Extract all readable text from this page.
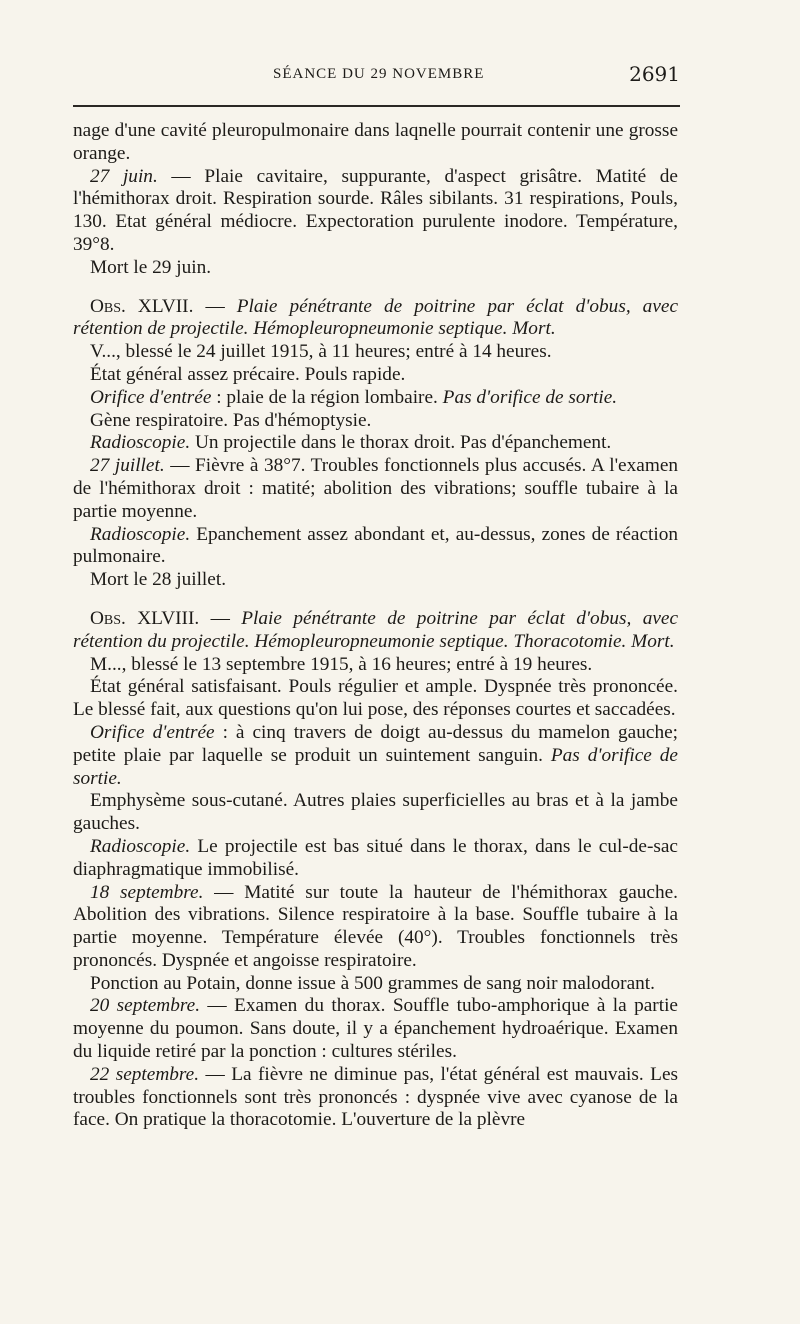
SÉANCE DU 29 NOVEMBRE	2691

nage d'une cavité pleuropulmonaire dans laqnelle pourrait contenir une grosse orange.

27 juin. — Plaie cavitaire, suppurante, d'aspect grisâtre. Matité de l'hémithorax droit. Respiration sourde. Râles sibilants. 31 respirations, Pouls, 130. Etat général médiocre. Expectoration purulente inodore. Température, 39°8.

Mort le 29 juin.

Obs. XLVII. — Plaie pénétrante de poitrine par éclat d'obus, avec rétention de projectile. Hémopleuropneumonie septique. Mort.

V..., blessé le 24 juillet 1915, à 11 heures; entré à 14 heures.

État général assez précaire. Pouls rapide.

Orifice d'entrée : plaie de la région lombaire. Pas d'orifice de sortie.

Gène respiratoire. Pas d'hémoptysie.

Radioscopie. Un projectile dans le thorax droit. Pas d'épanchement.

27 juillet. — Fièvre à 38°7. Troubles fonctionnels plus accusés. A l'examen de l'hémithorax droit : matité; abolition des vibrations; souffle tubaire à la partie moyenne.

Radioscopie. Epanchement assez abondant et, au-dessus, zones de réaction pulmonaire.

Mort le 28 juillet.

Obs. XLVIII. — Plaie pénétrante de poitrine par éclat d'obus, avec rétention du projectile. Hémopleuropneumonie septique. Thoracotomie. Mort.

M..., blessé le 13 septembre 1915, à 16 heures; entré à 19 heures.

État général satisfaisant. Pouls régulier et ample. Dyspnée très prononcée. Le blessé fait, aux questions qu'on lui pose, des réponses courtes et saccadées.

Orifice d'entrée : à cinq travers de doigt au-dessus du mamelon gauche; petite plaie par laquelle se produit un suintement sanguin. Pas d'orifice de sortie.

Emphysème sous-cutané. Autres plaies superficielles au bras et à la jambe gauches.

Radioscopie. Le projectile est bas situé dans le thorax, dans le cul-de-sac diaphragmatique immobilisé.

18 septembre. — Matité sur toute la hauteur de l'hémithorax gauche. Abolition des vibrations. Silence respiratoire à la base. Souffle tubaire à la partie moyenne. Température élevée (40°). Troubles fonctionnels très prononcés. Dyspnée et angoisse respiratoire.

Ponction au Potain, donne issue à 500 grammes de sang noir malodorant.

20 septembre. — Examen du thorax. Souffle tubo-amphorique à la partie moyenne du poumon. Sans doute, il y a épanchement hydroaérique. Examen du liquide retiré par la ponction : cultures stériles.

22 septembre. — La fièvre ne diminue pas, l'état général est mauvais. Les troubles fonctionnels sont très prononcés : dyspnée vive avec cyanose de la face. On pratique la thoracotomie. L'ouverture de la plèvre
